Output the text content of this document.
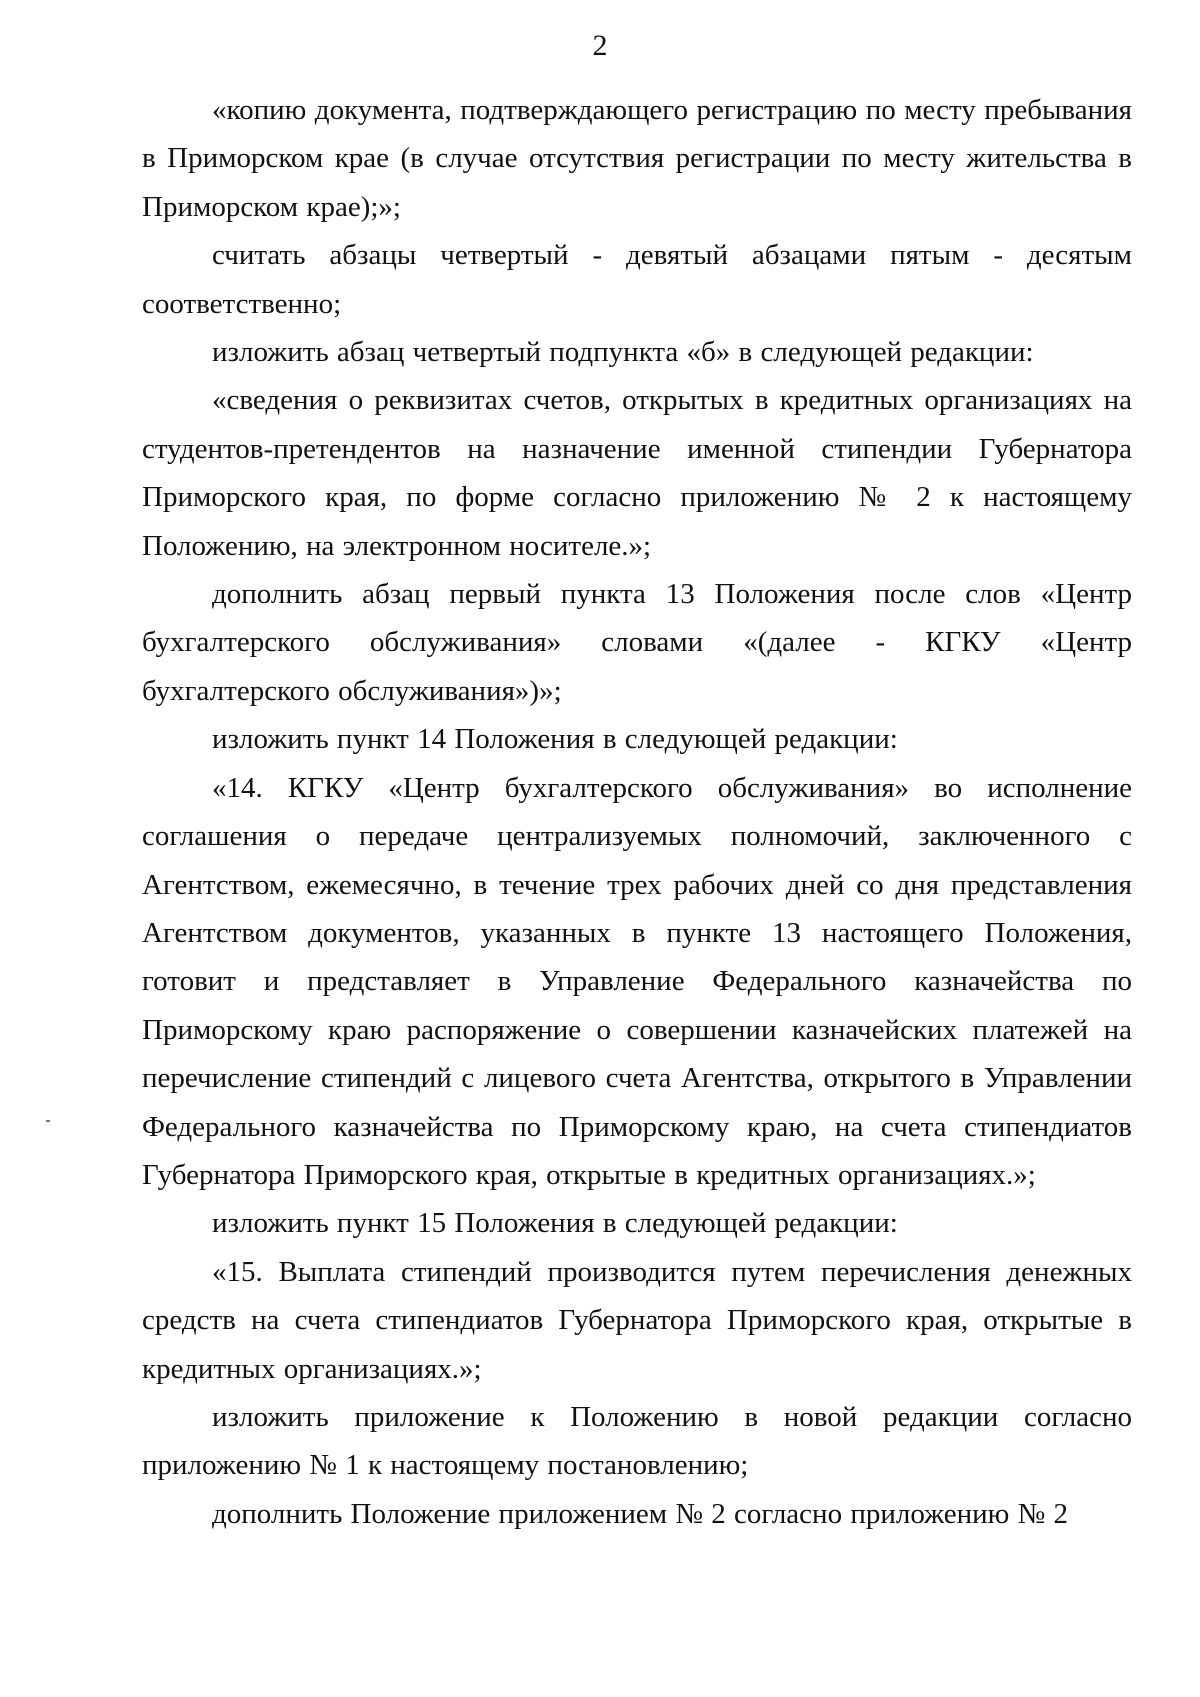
2

«копию документа, подтверждающего регистрацию по месту пребывания в Приморском крае (в случае отсутствия регистрации по месту жительства в Приморском крае);»;

считать абзацы четвертый - девятый абзацами пятым - десятым соответственно;

изложить абзац четвертый подпункта «б» в следующей редакции:

«сведения о реквизитах счетов, открытых в кредитных организациях на студентов-претендентов на назначение именной стипендии Губернатора Приморского края, по форме согласно приложению № 2 к настоящему Положению, на электронном носителе.»;

дополнить абзац первый пункта 13 Положения после слов «Центр бухгалтерского обслуживания» словами «(далее - КГКУ «Центр бухгалтерского обслуживания»)»;

изложить пункт 14 Положения в следующей редакции:

«14. КГКУ «Центр бухгалтерского обслуживания» во исполнение соглашения о передаче централизуемых полномочий, заключенного с Агентством, ежемесячно, в течение трех рабочих дней со дня представления Агентством документов, указанных в пункте 13 настоящего Положения, готовит и представляет в Управление Федерального казначейства по Приморскому краю распоряжение о совершении казначейских платежей на перечисление стипендий с лицевого счета Агентства, открытого в Управлении Федерального казначейства по Приморскому краю, на счета стипендиатов Губернатора Приморского края, открытые в кредитных организациях.»;

изложить пункт 15 Положения в следующей редакции:

«15. Выплата стипендий производится путем перечисления денежных средств на счета стипендиатов Губернатора Приморского края, открытые в кредитных организациях.»;

изложить приложение к Положению в новой редакции согласно приложению № 1 к настоящему постановлению;

дополнить Положение приложением № 2 согласно приложению № 2
